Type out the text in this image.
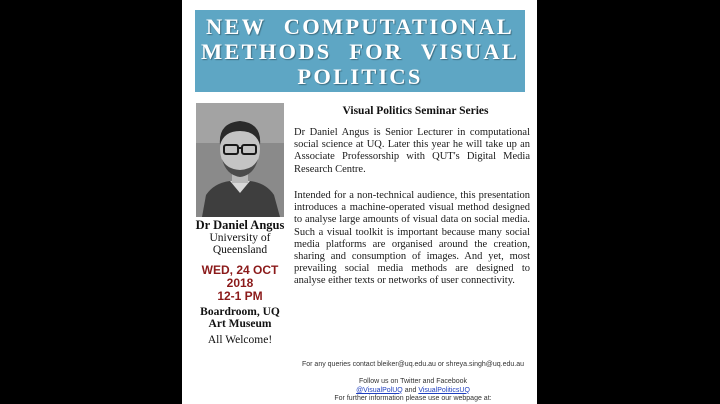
NEW COMPUTATIONAL METHODS FOR VISUAL POLITICS
Dr Daniel Angus
University of
Queensland
WED, 24 OCT
2018
12-1 PM
Boardroom, UQ
Art Museum
All Welcome!
Visual Politics Seminar Series
Dr Daniel Angus is Senior Lecturer in computational social science at UQ. Later this year he will take up an Associate Professorship with QUT's Digital Media Research Centre.
Intended for a non-technical audience, this presentation introduces a machine-operated visual method designed to analyse large amounts of visual data on social media. Such a visual toolkit is important because many social media platforms are organised around the creation, sharing and consumption of images. And yet, most prevailing social media methods are designed to analyse either texts or networks of user connectivity.
For any queries contact bleiker@uq.edu.au or shreya.singh@uq.edu.au
Follow us on Twitter and Facebook
@VisualPolUQ and VisualPoliticsUQ
For further information please use our webpage at:
